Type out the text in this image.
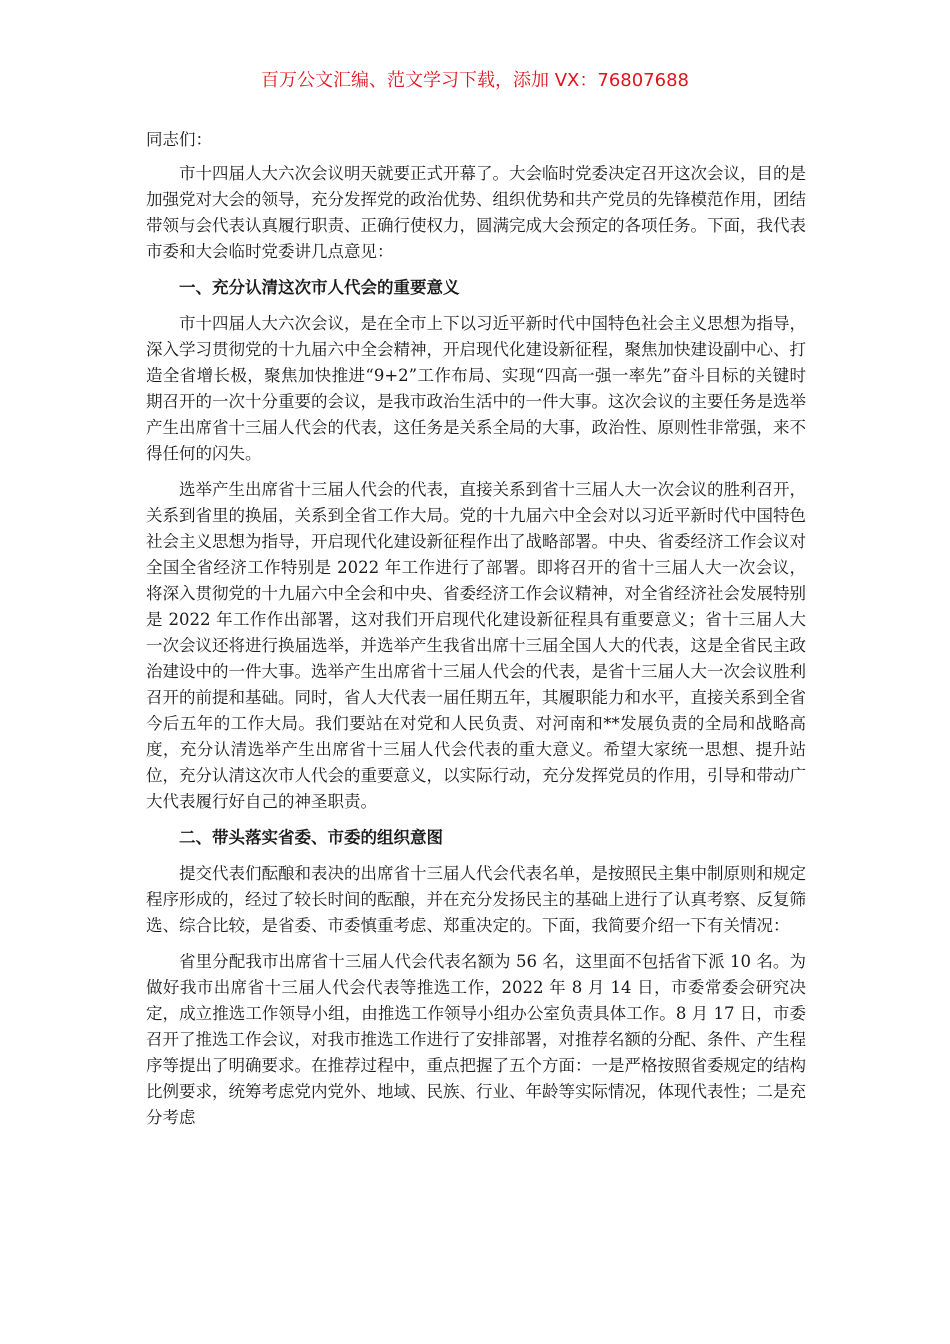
百万公文汇编、范文学习下载，添加 VX：76807688

同志们：

市十四届人大六次会议明天就要正式开幕了。大会临时党委决定召开这次会议，目的是加强党对大会的领导，充分发挥党的政治优势、组织优势和共产党员的先锋模范作用，团结带领与会代表认真履行职责、正确行使权力，圆满完成大会预定的各项任务。下面，我代表市委和大会临时党委讲几点意见：

一、充分认清这次市人代会的重要意义

市十四届人大六次会议，是在全市上下以习近平新时代中国特色社会主义思想为指导，深入学习贯彻党的十九届六中全会精神，开启现代化建设新征程，聚焦加快建设副中心、打造全省增长极，聚焦加快推进“9+2”工作布局、实现“四高一强一率先”奋斗目标的关键时期召开的一次十分重要的会议，是我市政治生活中的一件大事。这次会议的主要任务是选举产生出席省十三届人代会的代表，这任务是关系全局的大事，政治性、原则性非常强，来不得任何的闪失。

选举产生出席省十三届人代会的代表，直接关系到省十三届人大一次会议的胜利召开，关系到省里的换届，关系到全省工作大局。党的十九届六中全会对以习近平新时代中国特色社会主义思想为指导，开启现代化建设新征程作出了战略部署。中央、省委经济工作会议对全国全省经济工作特别是 2022 年工作进行了部署。即将召开的省十三届人大一次会议，将深入贯彻党的十九届六中全会和中央、省委经济工作会议精神，对全省经济社会发展特别是 2022 年工作作出部署，这对我们开启现代化建设新征程具有重要意义；省十三届人大一次会议还将进行换届选举，并选举产生我省出席十三届全国人大的代表，这是全省民主政治建设中的一件大事。选举产生出席省十三届人代会的代表，是省十三届人大一次会议胜利召开的前提和基础。同时，省人大代表一届任期五年，其履职能力和水平，直接关系到全省今后五年的工作大局。我们要站在对党和人民负责、对河南和**发展负责的全局和战略高度，充分认清选举产生出席省十三届人代会代表的重大意义。希望大家统一思想、提升站位，充分认清这次市人代会的重要意义，以实际行动，充分发挥党员的作用，引导和带动广大代表履行好自己的神圣职责。

二、带头落实省委、市委的组织意图

提交代表们酝酿和表决的出席省十三届人代会代表名单，是按照民主集中制原则和规定程序形成的，经过了较长时间的酝酿，并在充分发扬民主的基础上进行了认真考察、反复筛选、综合比较，是省委、市委慎重考虑、郑重决定的。下面，我简要介绍一下有关情况：

省里分配我市出席省十三届人代会代表名额为 56 名，这里面不包括省下派 10 名。为做好我市出席省十三届人代会代表等推选工作，2022 年 8 月 14 日，市委常委会研究决定，成立推选工作领导小组，由推选工作领导小组办公室负责具体工作。8 月 17 日，市委召开了推选工作会议，对我市推选工作进行了安排部署，对推荐名额的分配、条件、产生程序等提出了明确要求。在推荐过程中，重点把握了五个方面：一是严格按照省委规定的结构比例要求，统筹考虑党内党外、地域、民族、行业、年龄等实际情况，体现代表性；二是充分考虑
